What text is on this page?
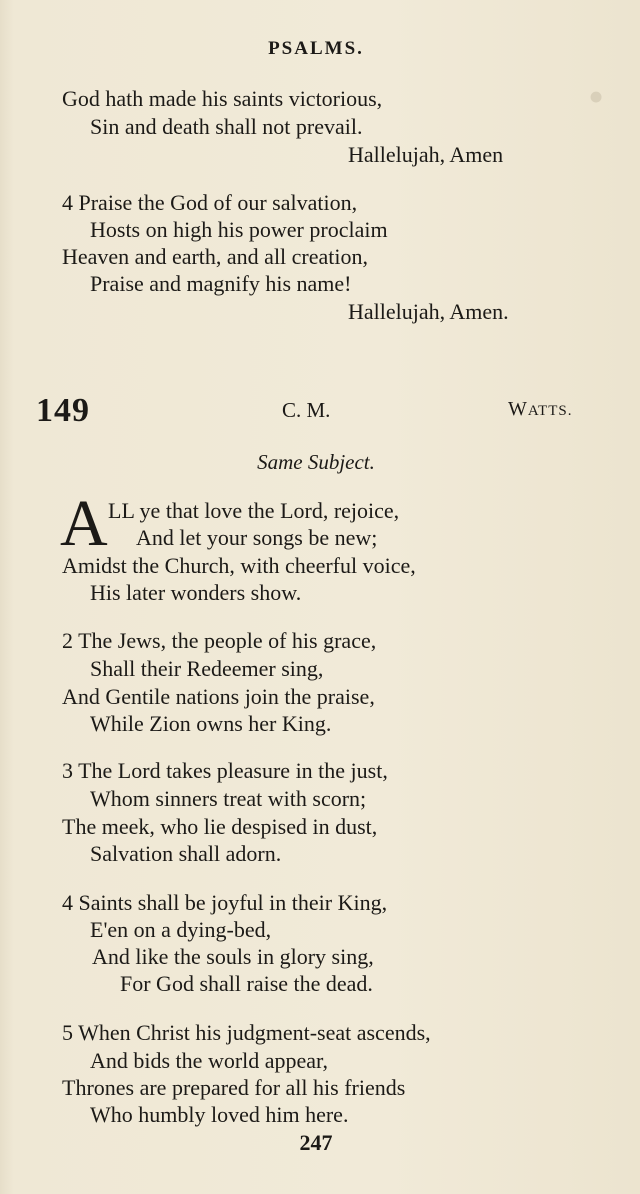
•
PSALMS.
God hath made his saints victorious,
Sin and death shall not prevail.
Hallelujah, Amen
4 Praise the God of our salvation,
Hosts on high his power proclaim
Heaven and earth, and all creation,
Praise and magnify his name!
Hallelujah, Amen.
149	C. M.	WATTS.
Same Subject.
A LL ye that love the Lord, rejoice,
And let your songs be new;
Amidst the Church, with cheerful voice,
His later wonders show.
2 The Jews, the people of his grace,
Shall their Redeemer sing,
And Gentile nations join the praise,
While Zion owns her King.
3 The Lord takes pleasure in the just,
Whom sinners treat with scorn;
The meek, who lie despised in dust,
Salvation shall adorn.
4 Saints shall be joyful in their King,
E'en on a dying-bed,
And like the souls in glory sing,
For God shall raise the dead.
5 When Christ his judgment-seat ascends,
And bids the world appear,
Thrones are prepared for all his friends
Who humbly loved him here.
247
